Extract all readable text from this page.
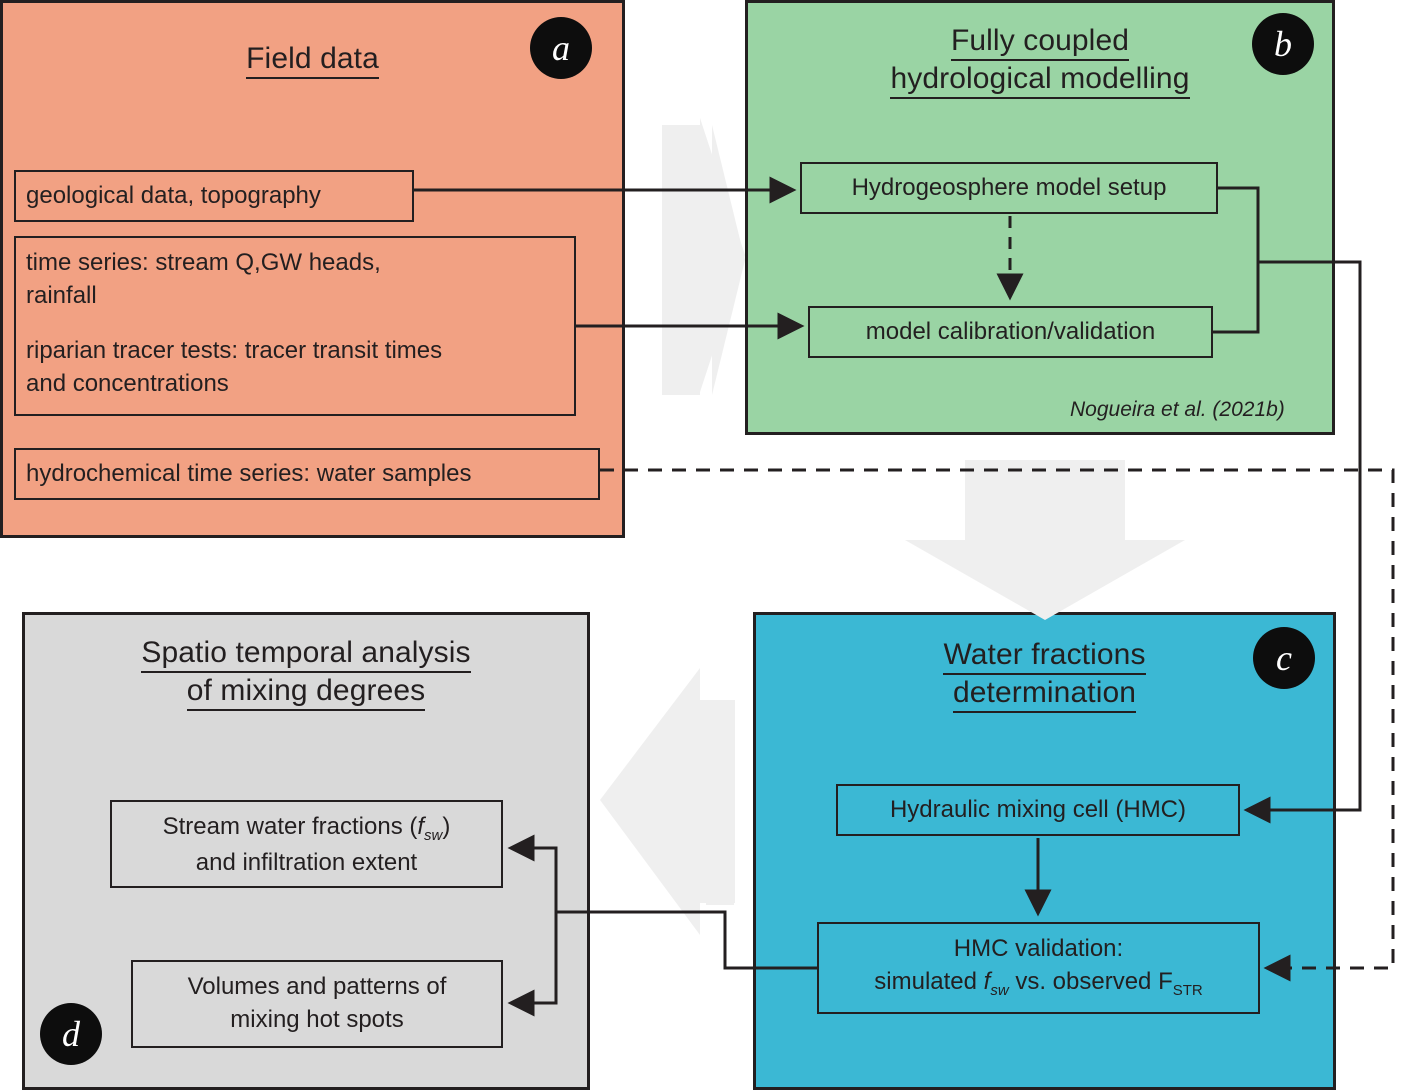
Field data	a
geological data, topography
time series: stream Q,GW heads,
rainfall
riparian tracer tests: tracer transit times
and concentrations
hydrochemical time series: water samples
Fully coupled
hydrological modelling
b
Hydrogeosphere model setup
model calibration/validation
Nogueira et al. (2021b)
Water fractions
determination
c
Hydraulic mixing cell (HMC)
HMC validation:
simulated $f_{sw}$ vs. observed $F_{STR}$
Spatio temporal analysis
of mixing degrees
d
Stream water fractions $(f_{sw})$
and infiltration extent
Volumes and patterns of
mixing hot spots
